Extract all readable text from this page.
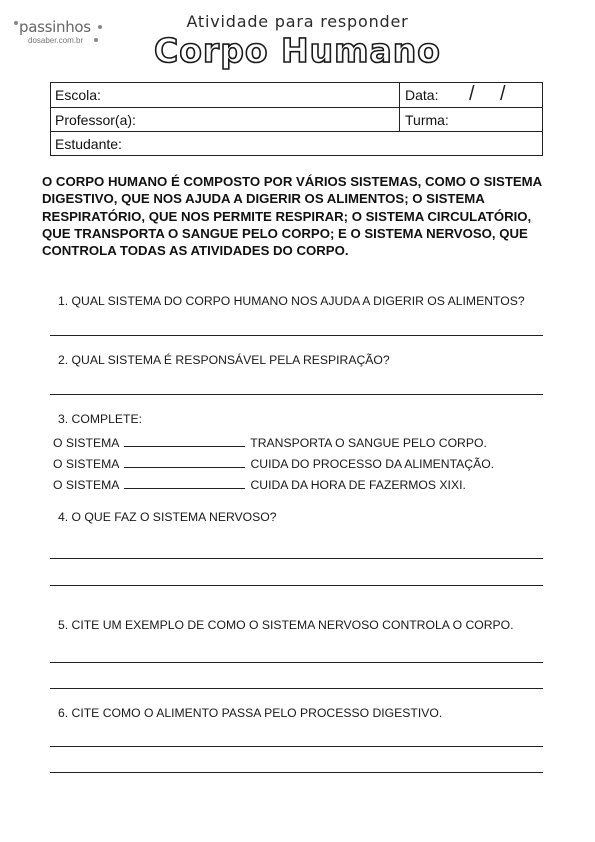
passinhos
dosaber.com.br
Atividade para responder
Corpo Humano
Escola:	Data: / /
Professor(a):	Turma:
Estudante:
O CORPO HUMANO É COMPOSTO POR VÁRIOS SISTEMAS, COMO O SISTEMA DIGESTIVO, QUE NOS AJUDA A DIGERIR OS ALIMENTOS; O SISTEMA RESPIRATÓRIO, QUE NOS PERMITE RESPIRAR; O SISTEMA CIRCULATÓRIO, QUE TRANSPORTA O SANGUE PELO CORPO; E O SISTEMA NERVOSO, QUE CONTROLA TODAS AS ATIVIDADES DO CORPO.
1. QUAL SISTEMA DO CORPO HUMANO NOS AJUDA A DIGERIR OS ALIMENTOS?
2. QUAL SISTEMA É RESPONSÁVEL PELA RESPIRAÇÃO?
3. COMPLETE:
O SISTEMA	TRANSPORTA O SANGUE PELO CORPO.
O SISTEMA	CUIDA DO PROCESSO DA ALIMENTAÇÃO.
O SISTEMA	CUIDA DA HORA DE FAZERMOS XIXI.
4. O QUE FAZ O SISTEMA NERVOSO?
5. CITE UM EXEMPLO DE COMO O SISTEMA NERVOSO CONTROLA O CORPO.
6. CITE COMO O ALIMENTO PASSA PELO PROCESSO DIGESTIVO.
